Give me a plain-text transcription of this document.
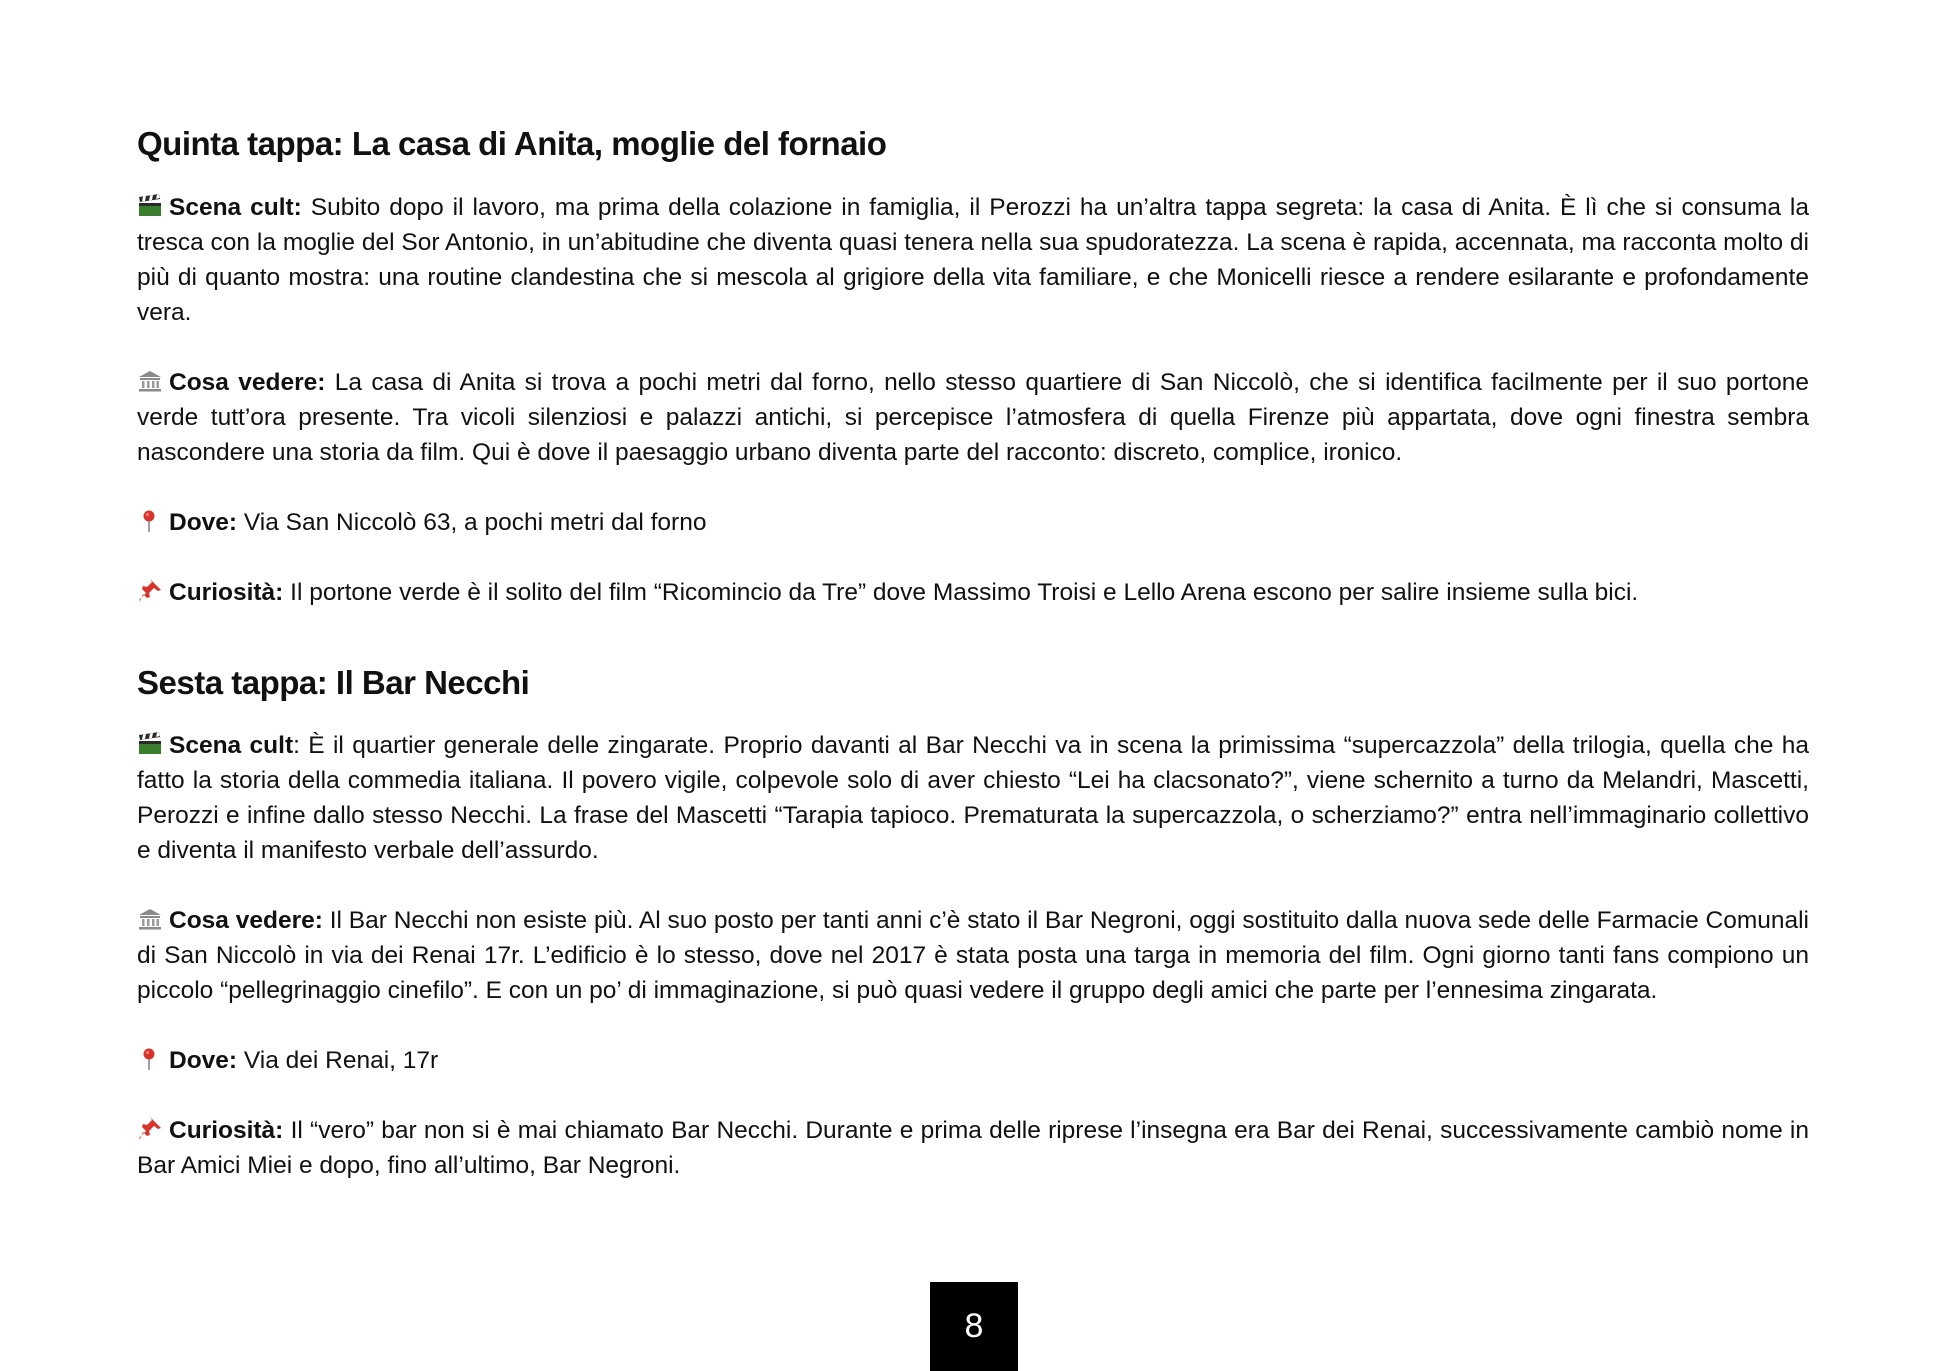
Quinta tappa: La casa di Anita, moglie del fornaio

Scena cult: Subito dopo il lavoro, ma prima della colazione in famiglia, il Perozzi ha un’altra tappa segreta: la casa di Anita. È lì che si consuma la tresca con la moglie del Sor Antonio, in un’abitudine che diventa quasi tenera nella sua spudoratezza. La scena è rapida, accennata, ma racconta molto di più di quanto mostra: una routine clandestina che si mescola al grigiore della vita familiare, e che Monicelli riesce a rendere esilarante e profondamente vera.

Cosa vedere: La casa di Anita si trova a pochi metri dal forno, nello stesso quartiere di San Niccolò, che si identifica facilmente per il suo portone verde tutt’ora presente. Tra vicoli silenziosi e palazzi antichi, si percepisce l’atmosfera di quella Firenze più appartata, dove ogni finestra sembra nascondere una storia da film. Qui è dove il paesaggio urbano diventa parte del racconto: discreto, complice, ironico.

Dove: Via San Niccolò 63, a pochi metri dal forno

Curiosità: Il portone verde è il solito del film “Ricomincio da Tre” dove Massimo Troisi e Lello Arena escono per salire insieme sulla bici.

Sesta tappa: Il Bar Necchi

Scena cult: È il quartier generale delle zingarate. Proprio davanti al Bar Necchi va in scena la primissima “supercazzola” della trilogia, quella che ha fatto la storia della commedia italiana. Il povero vigile, colpevole solo di aver chiesto “Lei ha clacsonato?”, viene schernito a turno da Melandri, Mascetti, Perozzi e infine dallo stesso Necchi. La frase del Mascetti “Tarapia tapioco. Prematurata la supercazzola, o scherziamo?” entra nell’immaginario collettivo e diventa il manifesto verbale dell’assurdo.

Cosa vedere: Il Bar Necchi non esiste più. Al suo posto per tanti anni c’è stato il Bar Negroni, oggi sostituito dalla nuova sede delle Farmacie Comunali di San Niccolò in via dei Renai 17r. L’edificio è lo stesso, dove nel 2017 è stata posta una targa in memoria del film. Ogni giorno tanti fans compiono un piccolo “pellegrinaggio cinefilo”. E con un po’ di immaginazione, si può quasi vedere il gruppo degli amici che parte per l’ennesima zingarata.

Dove: Via dei Renai, 17r

Curiosità: Il “vero” bar non si è mai chiamato Bar Necchi. Durante e prima delle riprese l’insegna era Bar dei Renai, successivamente cambiò nome in Bar Amici Miei e dopo, fino all’ultimo, Bar Negroni.

8
